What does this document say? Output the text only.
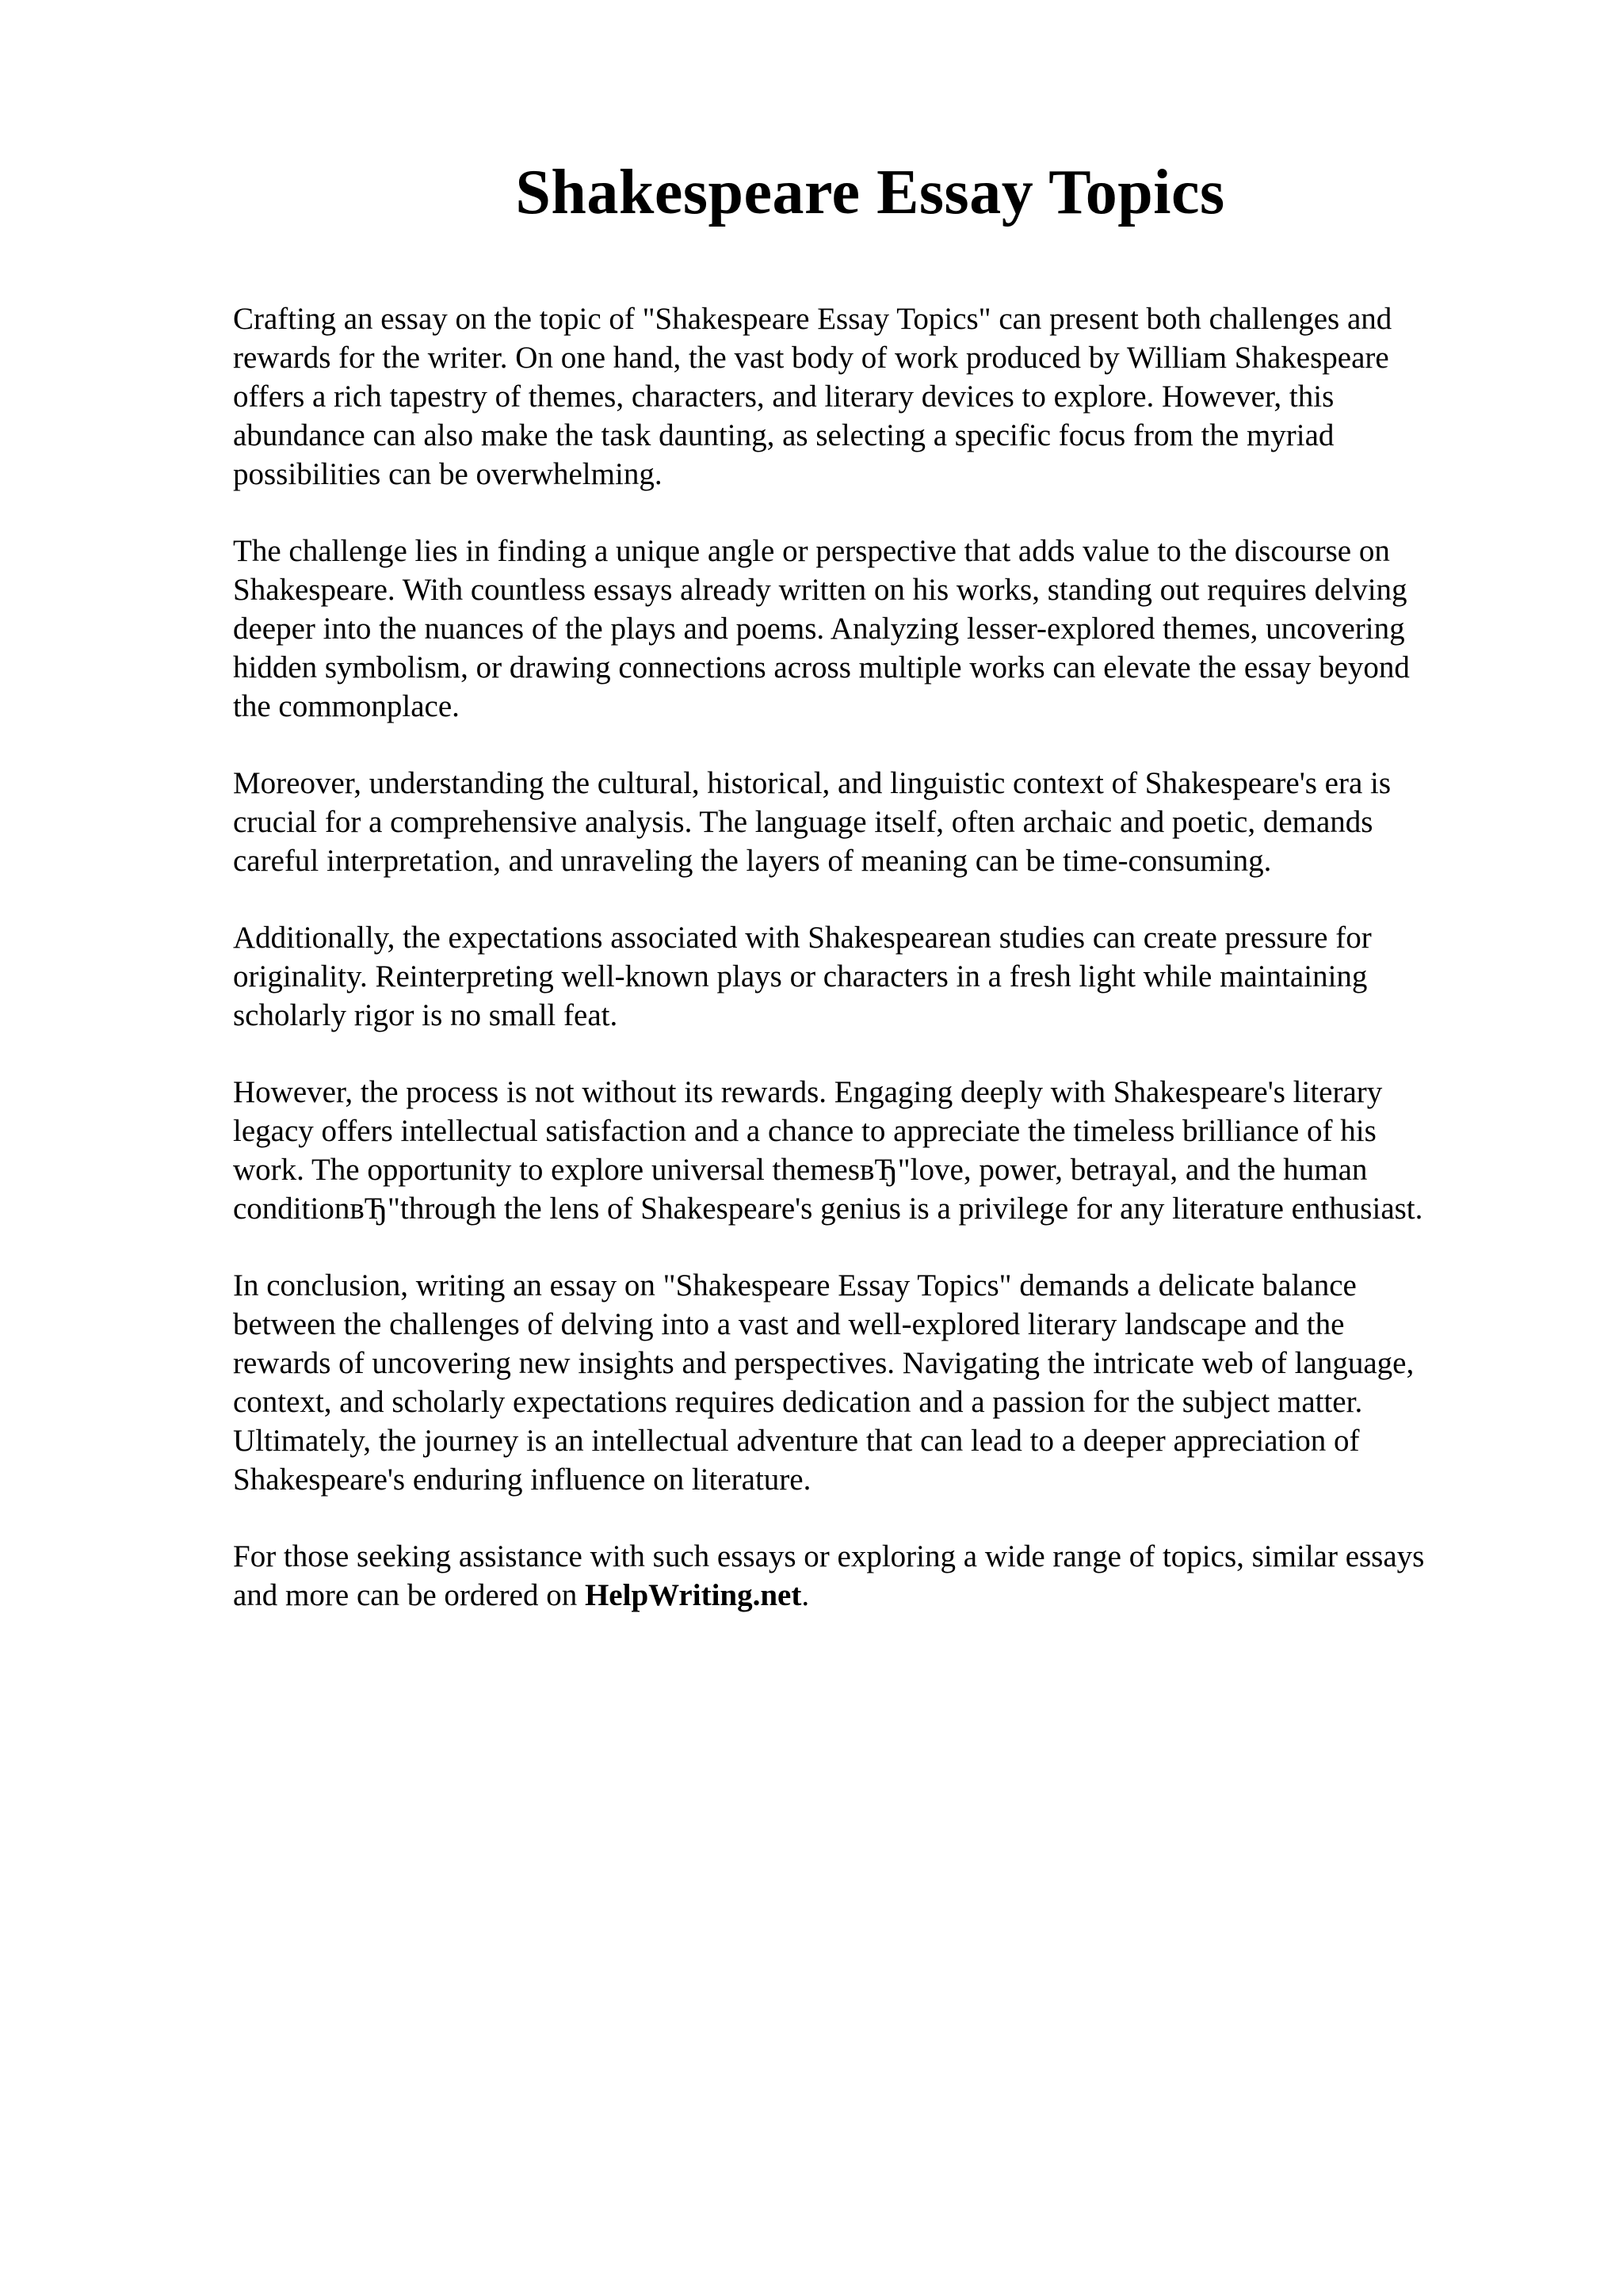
Shakespeare Essay Topics

Crafting an essay on the topic of "Shakespeare Essay Topics" can present both challenges and
rewards for the writer. On one hand, the vast body of work produced by William Shakespeare
offers a rich tapestry of themes, characters, and literary devices to explore. However, this
abundance can also make the task daunting, as selecting a specific focus from the myriad
possibilities can be overwhelming.

The challenge lies in finding a unique angle or perspective that adds value to the discourse on
Shakespeare. With countless essays already written on his works, standing out requires delving
deeper into the nuances of the plays and poems. Analyzing lesser-explored themes, uncovering
hidden symbolism, or drawing connections across multiple works can elevate the essay beyond
the commonplace.

Moreover, understanding the cultural, historical, and linguistic context of Shakespeare's era is
crucial for a comprehensive analysis. The language itself, often archaic and poetic, demands
careful interpretation, and unraveling the layers of meaning can be time-consuming.

Additionally, the expectations associated with Shakespearean studies can create pressure for
originality. Reinterpreting well-known plays or characters in a fresh light while maintaining
scholarly rigor is no small feat.

However, the process is not without its rewards. Engaging deeply with Shakespeare's literary
legacy offers intellectual satisfaction and a chance to appreciate the timeless brilliance of his
work. The opportunity to explore universal themesвЂ"love, power, betrayal, and the human
conditionвЂ"through the lens of Shakespeare's genius is a privilege for any literature enthusiast.

In conclusion, writing an essay on "Shakespeare Essay Topics" demands a delicate balance
between the challenges of delving into a vast and well-explored literary landscape and the
rewards of uncovering new insights and perspectives. Navigating the intricate web of language,
context, and scholarly expectations requires dedication and a passion for the subject matter.
Ultimately, the journey is an intellectual adventure that can lead to a deeper appreciation of
Shakespeare's enduring influence on literature.

For those seeking assistance with such essays or exploring a wide range of topics, similar essays
and more can be ordered on HelpWriting.net.
